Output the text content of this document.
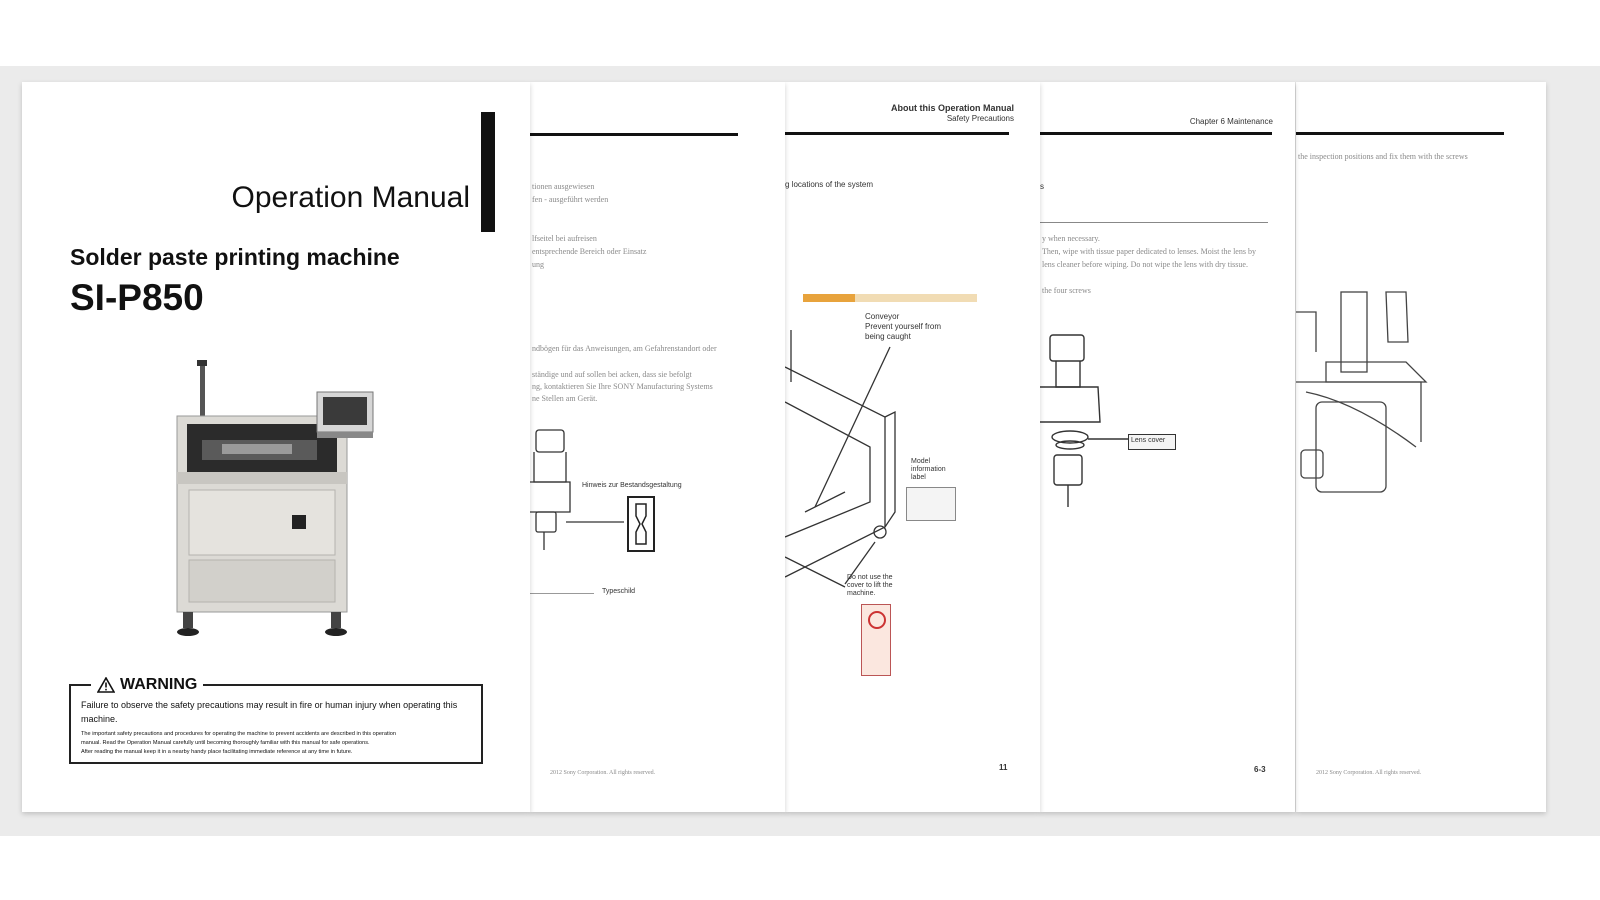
the inspection positions and fix them with the screws
2012 Sony Corporation. All rights reserved.
Chapter 6 Maintenance
s
y when necessary.
Then, wipe with tissue paper dedicated to lenses. Moist the lens by
lens cleaner before wiping. Do not wipe the lens with dry tissue.
the four screws
Lens cover
6-3
About this Operation Manual
Safety Precautions
g locations of the system
Conveyor
Prevent yourself from
being caught
Model
information
label
Do not use the
cover to lift the
machine.
11
tionen ausgewiesen
fen - ausgeführt werden
lfseitel bei aufreisen
entsprechende Bereich oder Einsatz
ung
ndbögen für das Anweisungen, am Gefahrenstandort oder
ständige und auf sollen bei acken, dass sie befolgt
ng, kontaktieren Sie Ihre SONY Manufacturing Systems
ne Stellen am Gerät.
Hinweis zur Bestandsgestaltung
Typeschild
2012 Sony Corporation. All rights reserved.
Operation Manual
Solder paste printing machine
SI-P850
WARNING
Failure to observe the safety precautions may result in fire or human injury when operating this machine.
The important safety precautions and procedures for operating the machine to prevent accidents are described in this operation
manual. Read the Operation Manual carefully until becoming thoroughly familiar with this manual for safe operations.
After reading the manual keep it in a nearby handy place facilitating immediate reference at any time in future.
